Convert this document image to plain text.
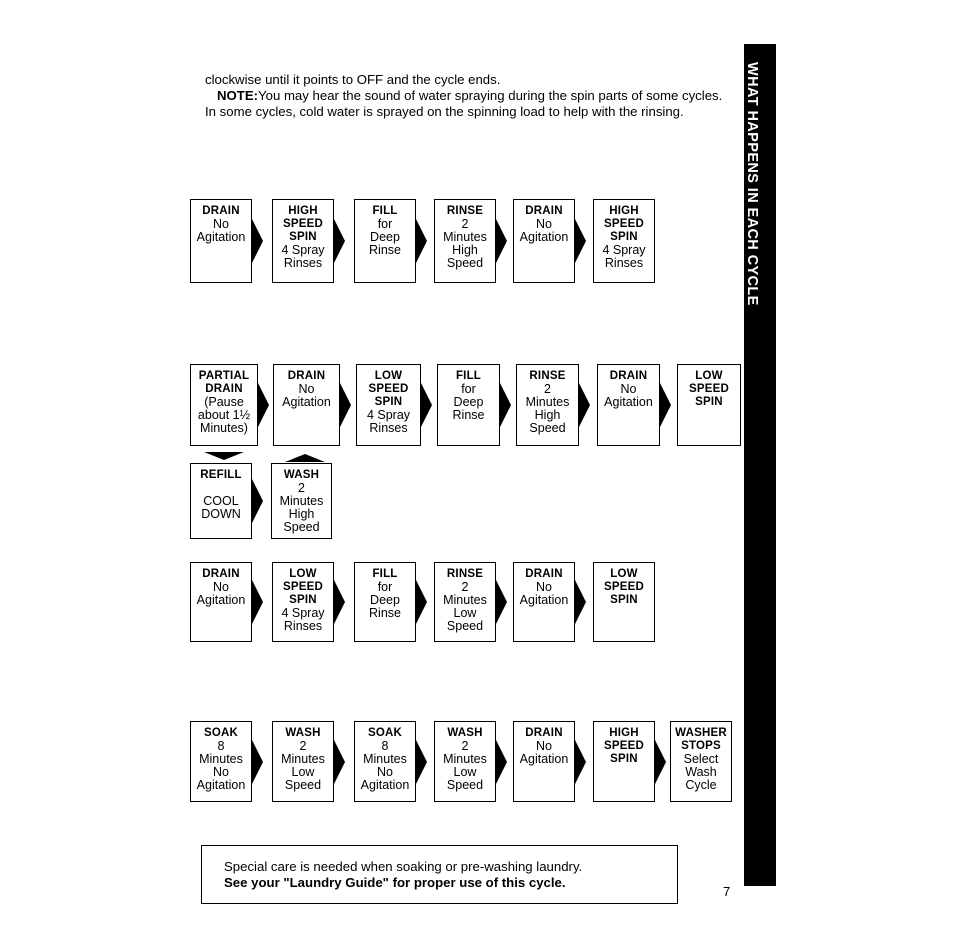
clockwise until it points to OFF and the cycle ends.
NOTE:You may hear the sound of water spraying during the spin parts of some cycles. In some cycles, cold water is sprayed on the spinning load to help with the rinsing.	WHAT HAPPENS IN EACH CYCLE
DRAIN
No
Agitation
HIGH
SPEED
SPIN
4 Spray
Rinses
FILL
for
Deep
Rinse
RINSE
2
Minutes
High
Speed
DRAIN
No
Agitation
HIGH
SPEED
SPIN
4 Spray
Rinses
PARTIAL
DRAIN
(Pause
about 1½
Minutes)
DRAIN
No
Agitation
LOW
SPEED
SPIN
4 Spray
Rinses
FILL
for
Deep
Rinse
RINSE
2
Minutes
High
Speed
DRAIN
No
Agitation
LOW
SPEED
SPIN
REFILL

COOL
DOWN
WASH
2
Minutes
High
Speed
DRAIN
No
Agitation
LOW
SPEED
SPIN
4 Spray
Rinses
FILL
for
Deep
Rinse
RINSE
2
Minutes
Low
Speed
DRAIN
No
Agitation
LOW
SPEED
SPIN
SOAK
8
Minutes
No
Agitation
WASH
2
Minutes
Low
Speed
SOAK
8
Minutes
No
Agitation
WASH
2
Minutes
Low
Speed
DRAIN
No
Agitation
HIGH
SPEED
SPIN
WASHER
STOPS
Select
Wash
Cycle
Special care is needed when soaking or pre-washing laundry.
See your "Laundry Guide" for proper use of this cycle.
7
